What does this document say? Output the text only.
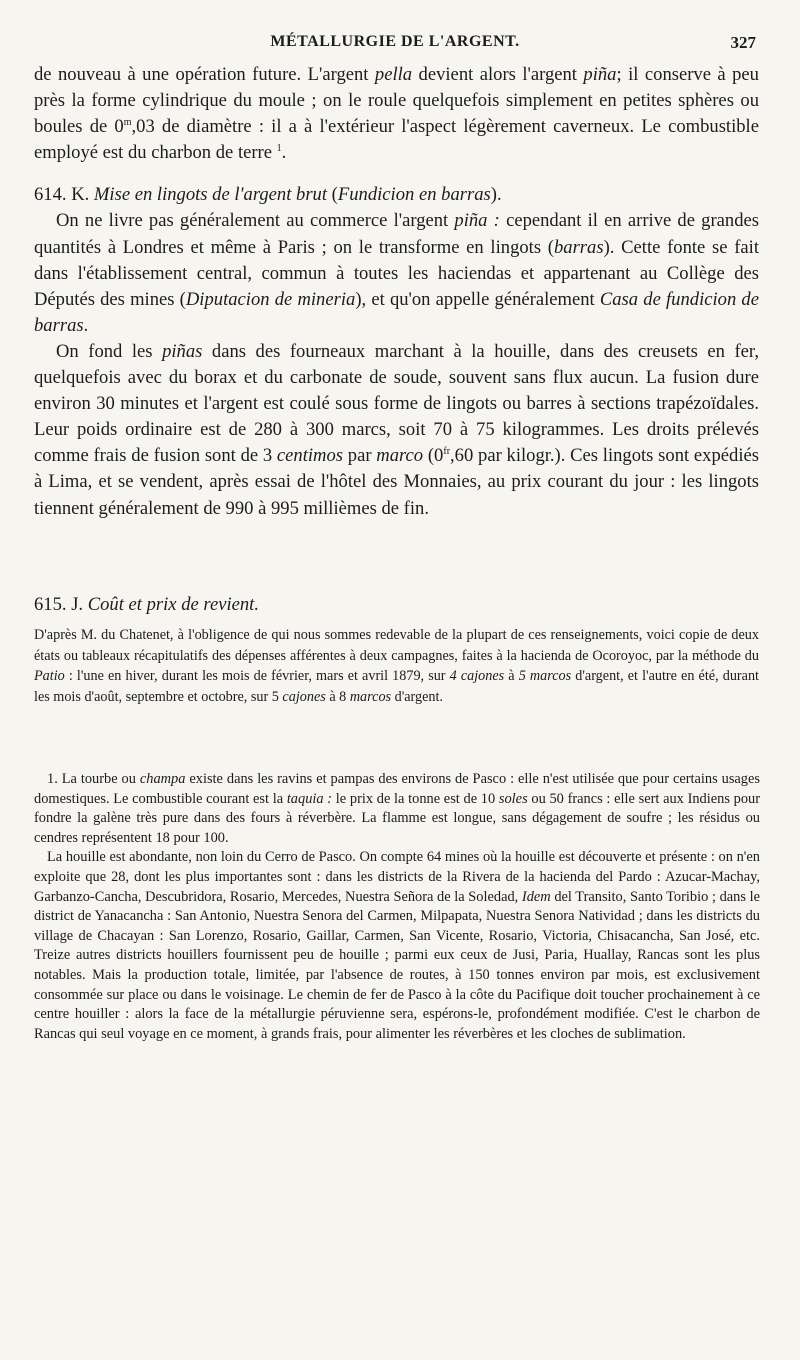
MÉTALLURGIE DE L'ARGENT.	327

de nouveau à une opération future. L'argent pella devient alors l'argent piña; il conserve à peu près la forme cylindrique du moule ; on le roule quelquefois simplement en petites sphères ou boules de 0$^m$,03 de diamètre : il a à l'extérieur l'aspect légèrement caverneux. Le combustible employé est du charbon de terre $^1$.

614. K. Mise en lingots de l'argent brut (Fundicion en barras).

On ne livre pas généralement au commerce l'argent piña : cependant il en arrive de grandes quantités à Londres et même à Paris ; on le transforme en lingots (barras). Cette fonte se fait dans l'établissement central, commun à toutes les haciendas et appartenant au Collège des Députés des mines (Diputacion de mineria), et qu'on appelle généralement Casa de fundicion de barras.

On fond les piñas dans des fourneaux marchant à la houille, dans des creusets en fer, quelquefois avec du borax et du carbonate de soude, souvent sans flux aucun. La fusion dure environ 30 minutes et l'argent est coulé sous forme de lingots ou barres à sections trapézoïdales. Leur poids ordinaire est de 280 à 300 marcs, soit 70 à 75 kilogrammes. Les droits prélevés comme frais de fusion sont de 3 centimos par marco ($0^{fr},60$ par kilogr.). Ces lingots sont expédiés à Lima, et se vendent, après essai de l'hôtel des Monnaies, au prix courant du jour : les lingots tiennent généralement de 990 à 995 millièmes de fin.

615. J. Coût et prix de revient.

D'après M. du Chatenet, à l'obligence de qui nous sommes redevable de la plupart de ces renseignements, voici copie de deux états ou tableaux récapitulatifs des dépenses afférentes à deux campagnes, faites à la hacienda de Ocoroyoc, par la méthode du Patio : l'une en hiver, durant les mois de février, mars et avril 1879, sur 4 cajones à 5 marcos d'argent, et l'autre en été, durant les mois d'août, septembre et octobre, sur 5 cajones à 8 marcos d'argent.

1. La tourbe ou champa existe dans les ravins et pampas des environs de Pasco : elle n'est utilisée que pour certains usages domestiques. Le combustible courant est la taquia : le prix de la tonne est de 10 soles ou 50 francs : elle sert aux Indiens pour fondre la galène très pure dans des fours à réverbère. La flamme est longue, sans dégagement de soufre ; les résidus ou cendres représentent 18 pour 100.

La houille est abondante, non loin du Cerro de Pasco. On compte 64 mines où la houille est découverte et présente : on n'en exploite que 28, dont les plus importantes sont : dans les districts de la Rivera de la hacienda del Pardo : Azucar-Machay, Garbanzo-Cancha, Descubridora, Rosario, Mercedes, Nuestra Señora de la Soledad, Idem del Transito, Santo Toribio ; dans le district de Yanacancha : San Antonio, Nuestra Senora del Carmen, Milpapata, Nuestra Senora Natividad ; dans les districts du village de Chacayan : San Lorenzo, Rosario, Gaillar, Carmen, San Vicente, Rosario, Victoria, Chisacancha, San José, etc. Treize autres districts houillers fournissent peu de houille ; parmi eux ceux de Jusi, Paria, Huallay, Rancas sont les plus notables. Mais la production totale, limitée, par l'absence de routes, à 150 tonnes environ par mois, est exclusivement consommée sur place ou dans le voisinage. Le chemin de fer de Pasco à la côte du Pacifique doit toucher prochainement à ce centre houiller : alors la face de la métallurgie péruvienne sera, espérons-le, profondément modifiée. C'est le charbon de Rancas qui seul voyage en ce moment, à grands frais, pour alimenter les réverbères et les cloches de sublimation.
